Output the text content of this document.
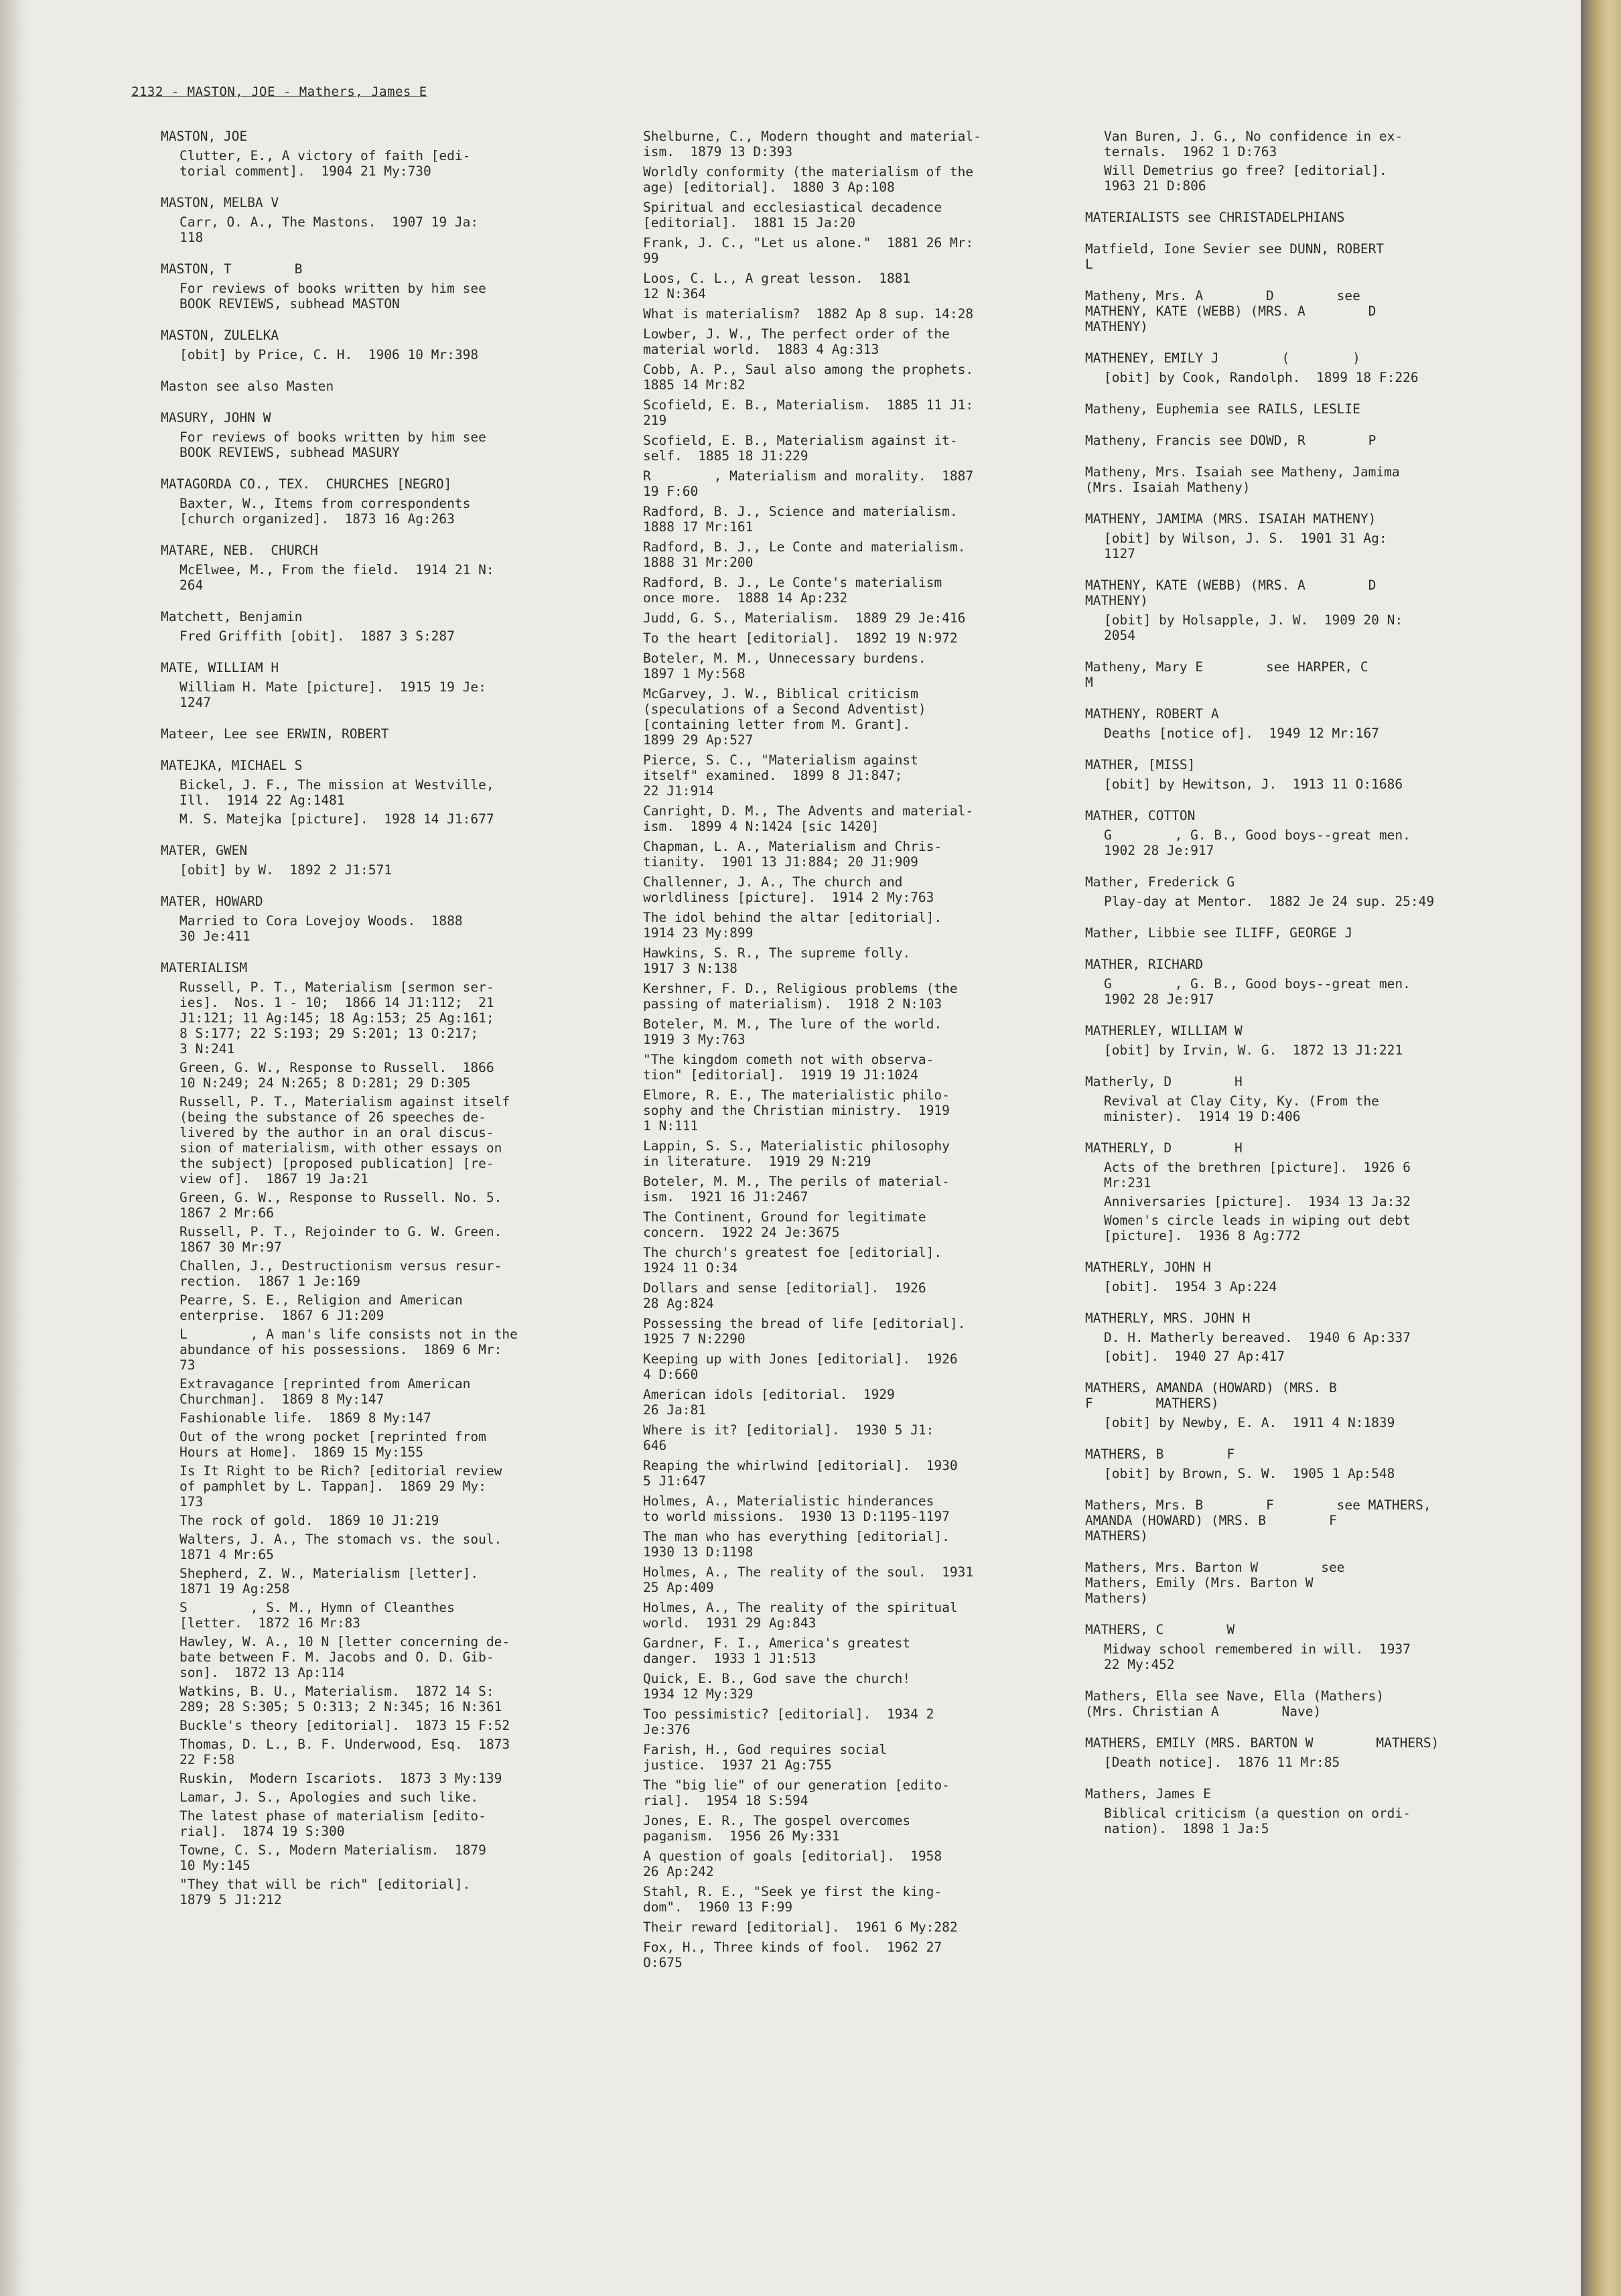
2132 - MASTON, JOE - Mathers, James E
MASTON, JOE
Clutter, E., A victory of faith [edi-
torial comment].  1904 21 My:730
MASTON, MELBA V
Carr, O. A., The Mastons.  1907 19 Ja:
118
MASTON, T        B
For reviews of books written by him see
BOOK REVIEWS, subhead MASTON
MASTON, ZULELKA
[obit] by Price, C. H.  1906 10 Mr:398
Maston see also Masten
MASURY, JOHN W
For reviews of books written by him see
BOOK REVIEWS, subhead MASURY
MATAGORDA CO., TEX.  CHURCHES [NEGRO]
Baxter, W., Items from correspondents
[church organized].  1873 16 Ag:263
MATARE, NEB.  CHURCH
McElwee, M., From the field.  1914 21 N:
264
Matchett, Benjamin
Fred Griffith [obit].  1887 3 S:287
MATE, WILLIAM H
William H. Mate [picture].  1915 19 Je:
1247
Mateer, Lee see ERWIN, ROBERT
MATEJKA, MICHAEL S
Bickel, J. F., The mission at Westville,
Ill.  1914 22 Ag:1481
M. S. Matejka [picture].  1928 14 J1:677
MATER, GWEN
[obit] by W.  1892 2 J1:571
MATER, HOWARD
Married to Cora Lovejoy Woods.  1888
30 Je:411
MATERIALISM
Russell, P. T., Materialism [sermon ser-
ies].  Nos. 1 - 10;  1866 14 J1:112;  21
J1:121; 11 Ag:145; 18 Ag:153; 25 Ag:161;
8 S:177; 22 S:193; 29 S:201; 13 O:217;
3 N:241
Green, G. W., Response to Russell.  1866
10 N:249; 24 N:265; 8 D:281; 29 D:305
Russell, P. T., Materialism against itself
(being the substance of 26 speeches de-
livered by the author in an oral discus-
sion of materialism, with other essays on
the subject) [proposed publication] [re-
view of].  1867 19 Ja:21
Green, G. W., Response to Russell. No. 5.
1867 2 Mr:66
Russell, P. T., Rejoinder to G. W. Green.
1867 30 Mr:97
Challen, J., Destructionism versus resur-
rection.  1867 1 Je:169
Pearre, S. E., Religion and American
enterprise.  1867 6 J1:209
L        , A man's life consists not in the
abundance of his possessions.  1869 6 Mr:
73
Extravagance [reprinted from American
Churchman].  1869 8 My:147
Fashionable life.  1869 8 My:147
Out of the wrong pocket [reprinted from
Hours at Home].  1869 15 My:155
Is It Right to be Rich? [editorial review
of pamphlet by L. Tappan].  1869 29 My:
173
The rock of gold.  1869 10 J1:219
Walters, J. A., The stomach vs. the soul.
1871 4 Mr:65
Shepherd, Z. W., Materialism [letter].
1871 19 Ag:258
S        , S. M., Hymn of Cleanthes
[letter.  1872 16 Mr:83
Hawley, W. A., 10 N [letter concerning de-
bate between F. M. Jacobs and O. D. Gib-
son].  1872 13 Ap:114
Watkins, B. U., Materialism.  1872 14 S:
289; 28 S:305; 5 O:313; 2 N:345; 16 N:361
Buckle's theory [editorial].  1873 15 F:52
Thomas, D. L., B. F. Underwood, Esq.  1873
22 F:58
Ruskin,  Modern Iscariots.  1873 3 My:139
Lamar, J. S., Apologies and such like.
The latest phase of materialism [edito-
rial].  1874 19 S:300
Towne, C. S., Modern Materialism.  1879
10 My:145
"They that will be rich" [editorial].
1879 5 J1:212
Shelburne, C., Modern thought and material-
ism.  1879 13 D:393
Worldly conformity (the materialism of the
age) [editorial].  1880 3 Ap:108
Spiritual and ecclesiastical decadence
[editorial].  1881 15 Ja:20
Frank, J. C., "Let us alone."  1881 26 Mr:
99
Loos, C. L., A great lesson.  1881
12 N:364
What is materialism?  1882 Ap 8 sup. 14:28
Lowber, J. W., The perfect order of the
material world.  1883 4 Ag:313
Cobb, A. P., Saul also among the prophets.
1885 14 Mr:82
Scofield, E. B., Materialism.  1885 11 J1:
219
Scofield, E. B., Materialism against it-
self.  1885 18 J1:229
R        , Materialism and morality.  1887
19 F:60
Radford, B. J., Science and materialism.
1888 17 Mr:161
Radford, B. J., Le Conte and materialism.
1888 31 Mr:200
Radford, B. J., Le Conte's materialism
once more.  1888 14 Ap:232
Judd, G. S., Materialism.  1889 29 Je:416
To the heart [editorial].  1892 19 N:972
Boteler, M. M., Unnecessary burdens.
1897 1 My:568
McGarvey, J. W., Biblical criticism
(speculations of a Second Adventist)
[containing letter from M. Grant].
1899 29 Ap:527
Pierce, S. C., "Materialism against
itself" examined.  1899 8 J1:847;
22 J1:914
Canright, D. M., The Advents and material-
ism.  1899 4 N:1424 [sic 1420]
Chapman, L. A., Materialism and Chris-
tianity.  1901 13 J1:884; 20 J1:909
Challenner, J. A., The church and
worldliness [picture].  1914 2 My:763
The idol behind the altar [editorial].
1914 23 My:899
Hawkins, S. R., The supreme folly.
1917 3 N:138
Kershner, F. D., Religious problems (the
passing of materialism).  1918 2 N:103
Boteler, M. M., The lure of the world.
1919 3 My:763
"The kingdom cometh not with observa-
tion" [editorial].  1919 19 J1:1024
Elmore, R. E., The materialistic philo-
sophy and the Christian ministry.  1919
1 N:111
Lappin, S. S., Materialistic philosophy
in literature.  1919 29 N:219
Boteler, M. M., The perils of material-
ism.  1921 16 J1:2467
The Continent, Ground for legitimate
concern.  1922 24 Je:3675
The church's greatest foe [editorial].
1924 11 O:34
Dollars and sense [editorial].  1926
28 Ag:824
Possessing the bread of life [editorial].
1925 7 N:2290
Keeping up with Jones [editorial].  1926
4 D:660
American idols [editorial.  1929
26 Ja:81
Where is it? [editorial].  1930 5 J1:
646
Reaping the whirlwind [editorial].  1930
5 J1:647
Holmes, A., Materialistic hinderances
to world missions.  1930 13 D:1195-1197
The man who has everything [editorial].
1930 13 D:1198
Holmes, A., The reality of the soul.  1931
25 Ap:409
Holmes, A., The reality of the spiritual
world.  1931 29 Ag:843
Gardner, F. I., America's greatest
danger.  1933 1 J1:513
Quick, E. B., God save the church!
1934 12 My:329
Too pessimistic? [editorial].  1934 2
Je:376
Farish, H., God requires social
justice.  1937 21 Ag:755
The "big lie" of our generation [edito-
rial].  1954 18 S:594
Jones, E. R., The gospel overcomes
paganism.  1956 26 My:331
A question of goals [editorial].  1958
26 Ap:242
Stahl, R. E., "Seek ye first the king-
dom".  1960 13 F:99
Their reward [editorial].  1961 6 My:282
Fox, H., Three kinds of fool.  1962 27
O:675
Van Buren, J. G., No confidence in ex-
ternals.  1962 1 D:763
Will Demetrius go free? [editorial].
1963 21 D:806
MATERIALISTS see CHRISTADELPHIANS
Matfield, Ione Sevier see DUNN, ROBERT
L
Matheny, Mrs. A        D        see
MATHENY, KATE (WEBB) (MRS. A        D
MATHENY)
MATHENEY, EMILY J        (        )
[obit] by Cook, Randolph.  1899 18 F:226
Matheny, Euphemia see RAILS, LESLIE
Matheny, Francis see DOWD, R        P
Matheny, Mrs. Isaiah see Matheny, Jamima
(Mrs. Isaiah Matheny)
MATHENY, JAMIMA (MRS. ISAIAH MATHENY)
[obit] by Wilson, J. S.  1901 31 Ag:
1127
MATHENY, KATE (WEBB) (MRS. A        D
MATHENY)
[obit] by Holsapple, J. W.  1909 20 N:
2054
Matheny, Mary E        see HARPER, C
M
MATHENY, ROBERT A
Deaths [notice of].  1949 12 Mr:167
MATHER, [MISS]
[obit] by Hewitson, J.  1913 11 O:1686
MATHER, COTTON
G        , G. B., Good boys--great men.
1902 28 Je:917
Mather, Frederick G
Play-day at Mentor.  1882 Je 24 sup. 25:49
Mather, Libbie see ILIFF, GEORGE J
MATHER, RICHARD
G        , G. B., Good boys--great men.
1902 28 Je:917
MATHERLEY, WILLIAM W
[obit] by Irvin, W. G.  1872 13 J1:221
Matherly, D        H
Revival at Clay City, Ky. (From the
minister).  1914 19 D:406
MATHERLY, D        H
Acts of the brethren [picture].  1926 6
Mr:231
Anniversaries [picture].  1934 13 Ja:32
Women's circle leads in wiping out debt
[picture].  1936 8 Ag:772
MATHERLY, JOHN H
[obit].  1954 3 Ap:224
MATHERLY, MRS. JOHN H
D. H. Matherly bereaved.  1940 6 Ap:337
[obit].  1940 27 Ap:417
MATHERS, AMANDA (HOWARD) (MRS. B
F        MATHERS)
[obit] by Newby, E. A.  1911 4 N:1839
MATHERS, B        F
[obit] by Brown, S. W.  1905 1 Ap:548
Mathers, Mrs. B        F        see MATHERS,
AMANDA (HOWARD) (MRS. B        F
MATHERS)
Mathers, Mrs. Barton W        see
Mathers, Emily (Mrs. Barton W
Mathers)
MATHERS, C        W
Midway school remembered in will.  1937
22 My:452
Mathers, Ella see Nave, Ella (Mathers)
(Mrs. Christian A        Nave)
MATHERS, EMILY (MRS. BARTON W        MATHERS)
[Death notice].  1876 11 Mr:85
Mathers, James E
Biblical criticism (a question on ordi-
nation).  1898 1 Ja:5
